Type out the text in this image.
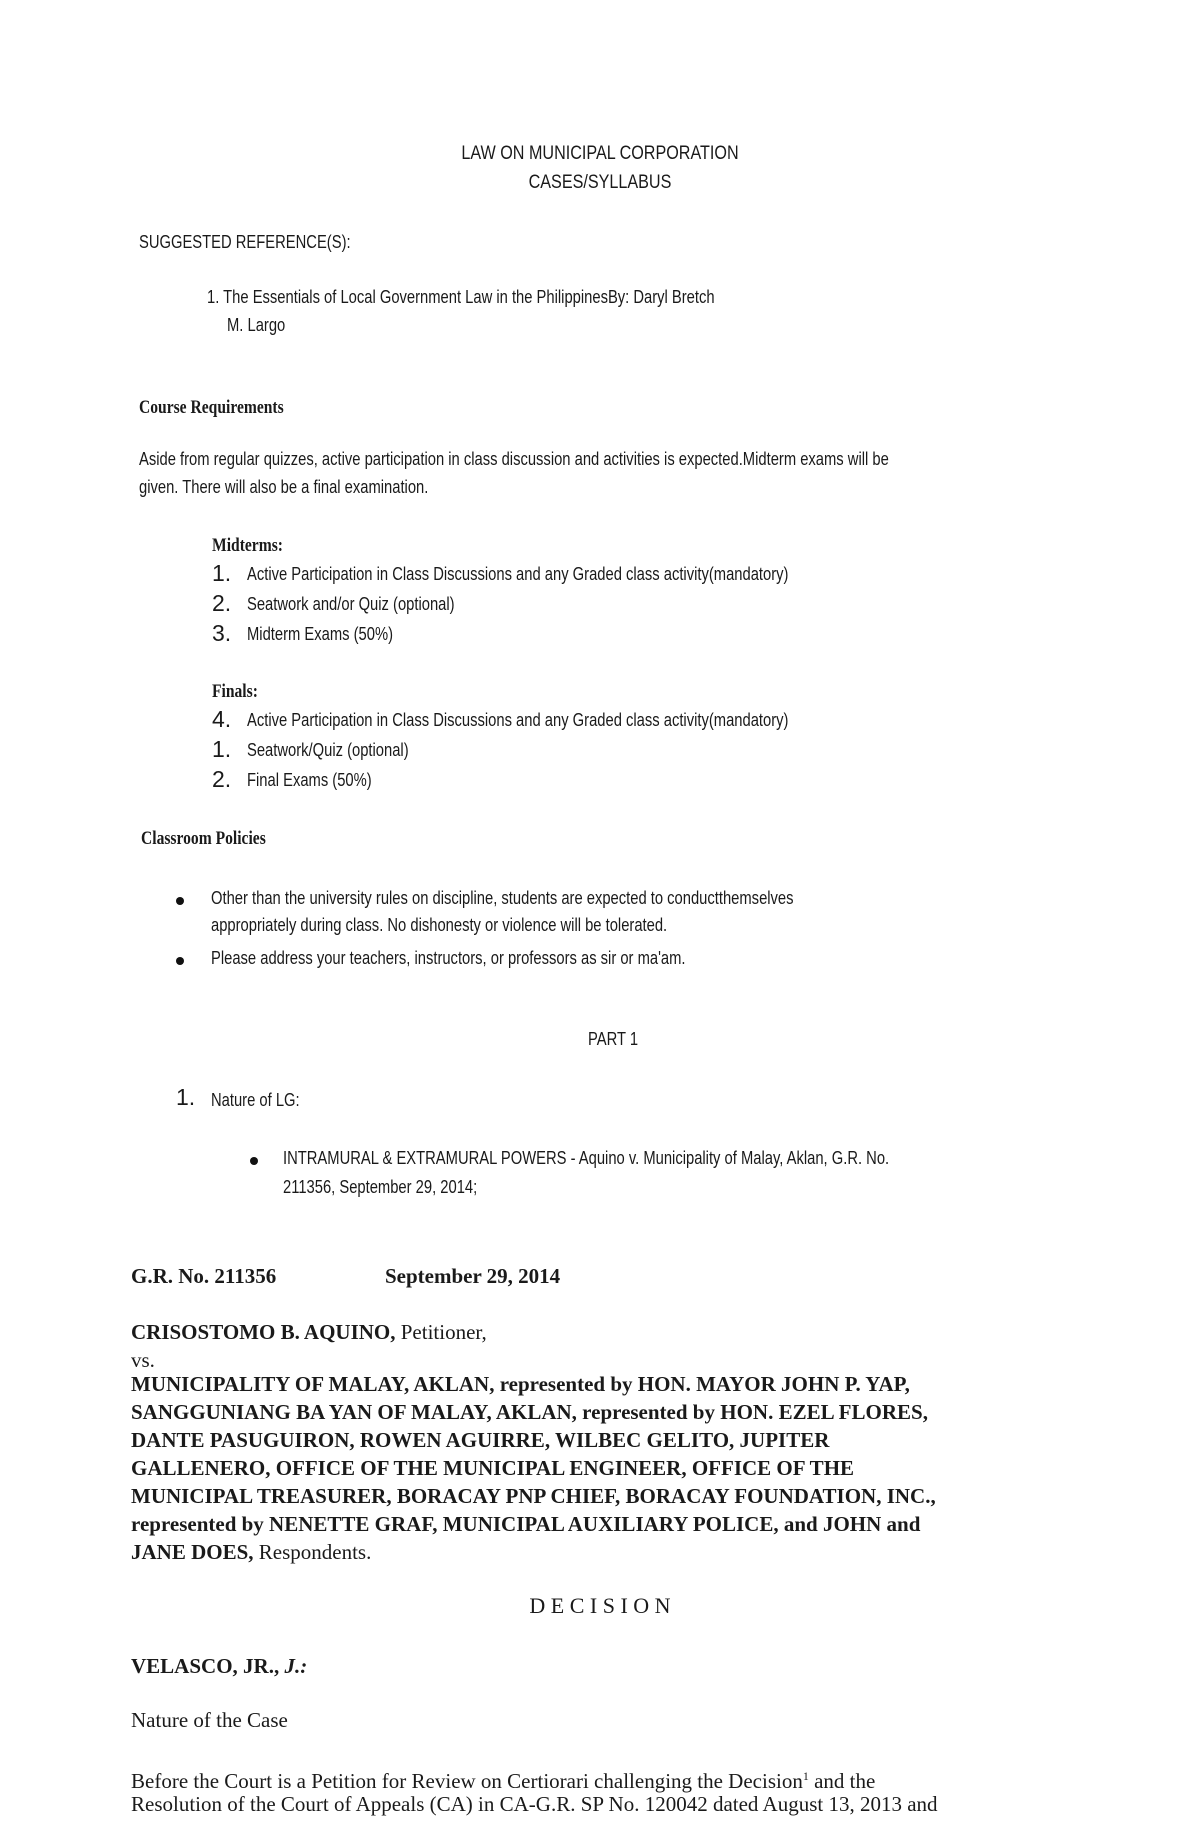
LAW ON MUNICIPAL CORPORATION
CASES/SYLLABUS
SUGGESTED REFERENCE(S):
1. The Essentials of Local Government Law in the PhilippinesBy: Daryl Bretch
M. Largo
Course Requirements
Aside from regular quizzes, active participation in class discussion and activities is expected.Midterm exams will be
given. There will also be a final examination.
Midterms:
1. Active Participation in Class Discussions and any Graded class activity(mandatory)
2. Seatwork and/or Quiz (optional)
3. Midterm Exams (50%)
Finals:
4. Active Participation in Class Discussions and any Graded class activity(mandatory)
1. Seatwork/Quiz (optional)
2. Final Exams (50%)
Classroom Policies
Other than the university rules on discipline, students are expected to conductthemselves
appropriately during class. No dishonesty or violence will be tolerated.
Please address your teachers, instructors, or professors as sir or ma'am.
PART 1
1. Nature of LG:
INTRAMURAL & EXTRAMURAL POWERS - Aquino v. Municipality of Malay, Aklan, G.R. No.
211356, September 29, 2014;
G.R. No. 211356	September 29, 2014
CRISOSTOMO B. AQUINO, Petitioner,
vs.
MUNICIPALITY OF MALAY, AKLAN, represented by HON. MAYOR JOHN P. YAP,
SANGGUNIANG BA YAN OF MALAY, AKLAN, represented by HON. EZEL FLORES,
DANTE PASUGUIRON, ROWEN AGUIRRE, WILBEC GELITO, JUPITER
GALLENERO, OFFICE OF THE MUNICIPAL ENGINEER, OFFICE OF THE
MUNICIPAL TREASURER, BORACAY PNP CHIEF, BORACAY FOUNDATION, INC.,
represented by NENETTE GRAF, MUNICIPAL AUXILIARY POLICE, and JOHN and
JANE DOES, Respondents.
D E C I S I O N
VELASCO, JR., J.:
Nature of the Case
Before the Court is a Petition for Review on Certiorari challenging the Decision$^1$ and the
Resolution of the Court of Appeals (CA) in CA-G.R. SP No. 120042 dated August 13, 2013 and
